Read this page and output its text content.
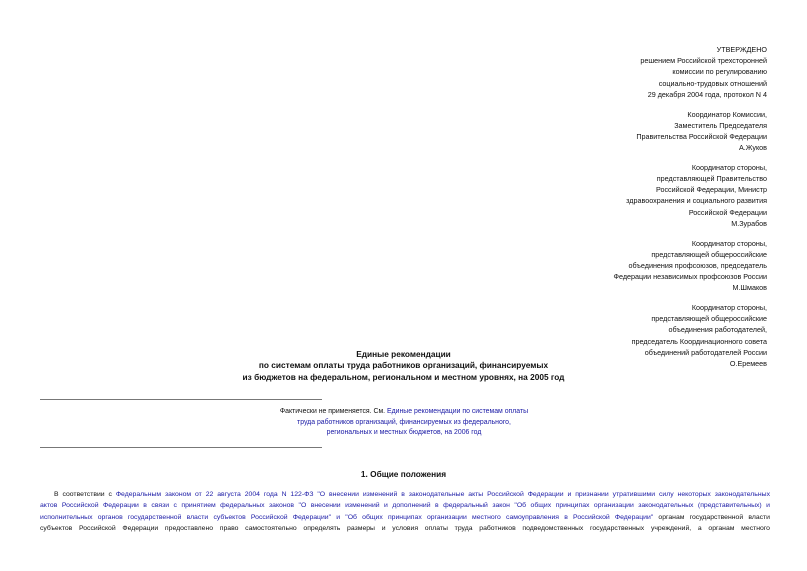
УТВЕРЖДЕНО
решением Российской трехсторонней
комиссии по регулированию
социально-трудовых отношений
29 декабря 2004 года, протокол N 4
Координатор Комиссии,
Заместитель Председателя
Правительства Российской Федерации
А.Жуков
Координатор стороны,
представляющей Правительство
Российской Федерации, Министр
здравоохранения и социального развития
Российской Федерации
М.Зурабов
Координатор стороны,
представляющей общероссийские
объединения профсоюзов, председатель
Федерации независимых профсоюзов России
М.Шмаков
Координатор стороны,
представляющей общероссийские
объединения работодателей,
председатель Координационного совета
объединений работодателей России
О.Еремеев
Единые рекомендации
по системам оплаты труда работников организаций, финансируемых
из бюджетов на федеральном, региональном и местном уровнях, на 2005 год
Фактически не применяется. См. Единые рекомендации по системам оплаты
труда работников организаций, финансируемых из федерального,
региональных и местных бюджетов, на 2006 год
1. Общие положения
В соответствии с Федеральным законом от 22 августа 2004 года N 122-ФЗ "О внесении изменений в законодательные акты Российской Федерации и признании утратившими силу некоторых законодательных
актов Российской Федерации в связи с принятием федеральных законов "О внесении изменений и дополнений в федеральный закон "Об общих принципах организации законодательных (представительных) и
исполнительных органов государственной власти субъектов Российской Федерации" и "Об общих принципах организации местного самоуправления в Российской Федерации" органам государственной власти
субъектов Российской Федерации предоставлено право самостоятельно определять размеры и условия оплаты труда работников подведомственных государственных учреждений, а органам местного
